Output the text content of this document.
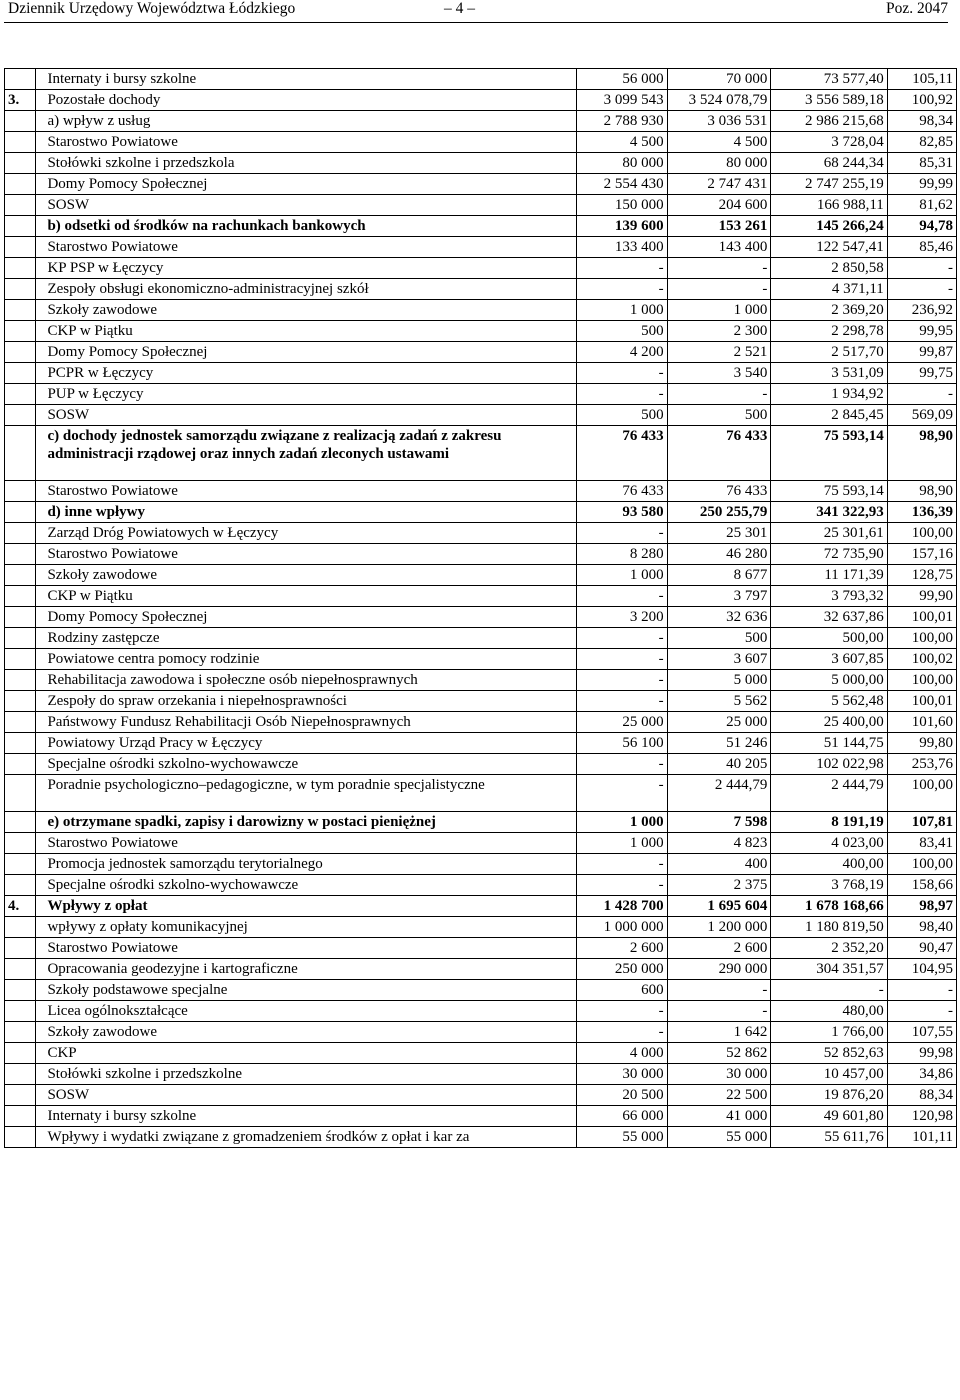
Dziennik Urzędowy Województwa Łódzkiego	– 4 –	Poz. 2047
	Internaty i bursy szkolne	56 000	70 000	73 577,40	105,11
3.	Pozostałe dochody	3 099 543	3 524 078,79	3 556 589,18	100,92
	a) wpływ z usług	2 788 930	3 036 531	2 986 215,68	98,34
	Starostwo Powiatowe	4 500	4 500	3 728,04	82,85
	Stołówki szkolne i przedszkola	80 000	80 000	68 244,34	85,31
	Domy Pomocy Społecznej	2 554 430	2 747 431	2 747 255,19	99,99
	SOSW	150 000	204 600	166 988,11	81,62
	b) odsetki od środków na rachunkach bankowych	139 600	153 261	145 266,24	94,78
	Starostwo Powiatowe	133 400	143 400	122 547,41	85,46
	KP PSP w Łęczycy	-	-	2 850,58	-
	Zespoły obsługi ekonomiczno-administracyjnej szkół	-	-	4 371,11	-
	Szkoły zawodowe	1 000	1 000	2 369,20	236,92
	CKP w Piątku	500	2 300	2 298,78	99,95
	Domy Pomocy Społecznej	4 200	2 521	2 517,70	99,87
	PCPR w Łęczycy	-	3 540	3 531,09	99,75
	PUP w Łęczycy	-	-	1 934,92	-
	SOSW	500	500	2 845,45	569,09
	c) dochody jednostek samorządu związane z realizacją zadań z zakresu administracji rządowej oraz innych zadań zleconych ustawami	76 433	76 433	75 593,14	98,90
	Starostwo Powiatowe	76 433	76 433	75 593,14	98,90
	d) inne wpływy	93 580	250 255,79	341 322,93	136,39
	Zarząd Dróg Powiatowych w Łęczycy	-	25 301	25 301,61	100,00
	Starostwo Powiatowe	8 280	46 280	72 735,90	157,16
	Szkoły zawodowe	1 000	8 677	11 171,39	128,75
	CKP w Piątku	-	3 797	3 793,32	99,90
	Domy Pomocy Społecznej	3 200	32 636	32 637,86	100,01
	Rodziny zastępcze	-	500	500,00	100,00
	Powiatowe centra pomocy rodzinie	-	3 607	3 607,85	100,02
	Rehabilitacja zawodowa i społeczne osób niepełnosprawnych	-	5 000	5 000,00	100,00
	Zespoły do spraw orzekania i niepełnosprawności	-	5 562	5 562,48	100,01
	Państwowy Fundusz Rehabilitacji Osób Niepełnosprawnych	25 000	25 000	25 400,00	101,60
	Powiatowy Urząd Pracy w Łęczycy	56 100	51 246	51 144,75	99,80
	Specjalne ośrodki szkolno-wychowawcze	-	40 205	102 022,98	253,76
	Poradnie psychologiczno–pedagogiczne, w tym poradnie specjalistyczne	-	2 444,79	2 444,79	100,00
	e) otrzymane spadki, zapisy i darowizny w postaci pieniężnej	1 000	7 598	8 191,19	107,81
	Starostwo Powiatowe	1 000	4 823	4 023,00	83,41
	Promocja jednostek samorządu terytorialnego	-	400	400,00	100,00
	Specjalne ośrodki szkolno-wychowawcze	-	2 375	3 768,19	158,66
4.	Wpływy z opłat	1 428 700	1 695 604	1 678 168,66	98,97
	wpływy z opłaty komunikacyjnej	1 000 000	1 200 000	1 180 819,50	98,40
	Starostwo Powiatowe	2 600	2 600	2 352,20	90,47
	Opracowania geodezyjne i kartograficzne	250 000	290 000	304 351,57	104,95
	Szkoły podstawowe specjalne	600	-	-	-
	Licea ogólnokształcące	-	-	480,00	-
	Szkoły zawodowe	-	1 642	1 766,00	107,55
	CKP	4 000	52 862	52 852,63	99,98
	Stołówki szkolne i przedszkolne	30 000	30 000	10 457,00	34,86
	SOSW	20 500	22 500	19 876,20	88,34
	Internaty i bursy szkolne	66 000	41 000	49 601,80	120,98
	Wpływy i wydatki związane z gromadzeniem środków z opłat i kar za	55 000	55 000	55 611,76	101,11
